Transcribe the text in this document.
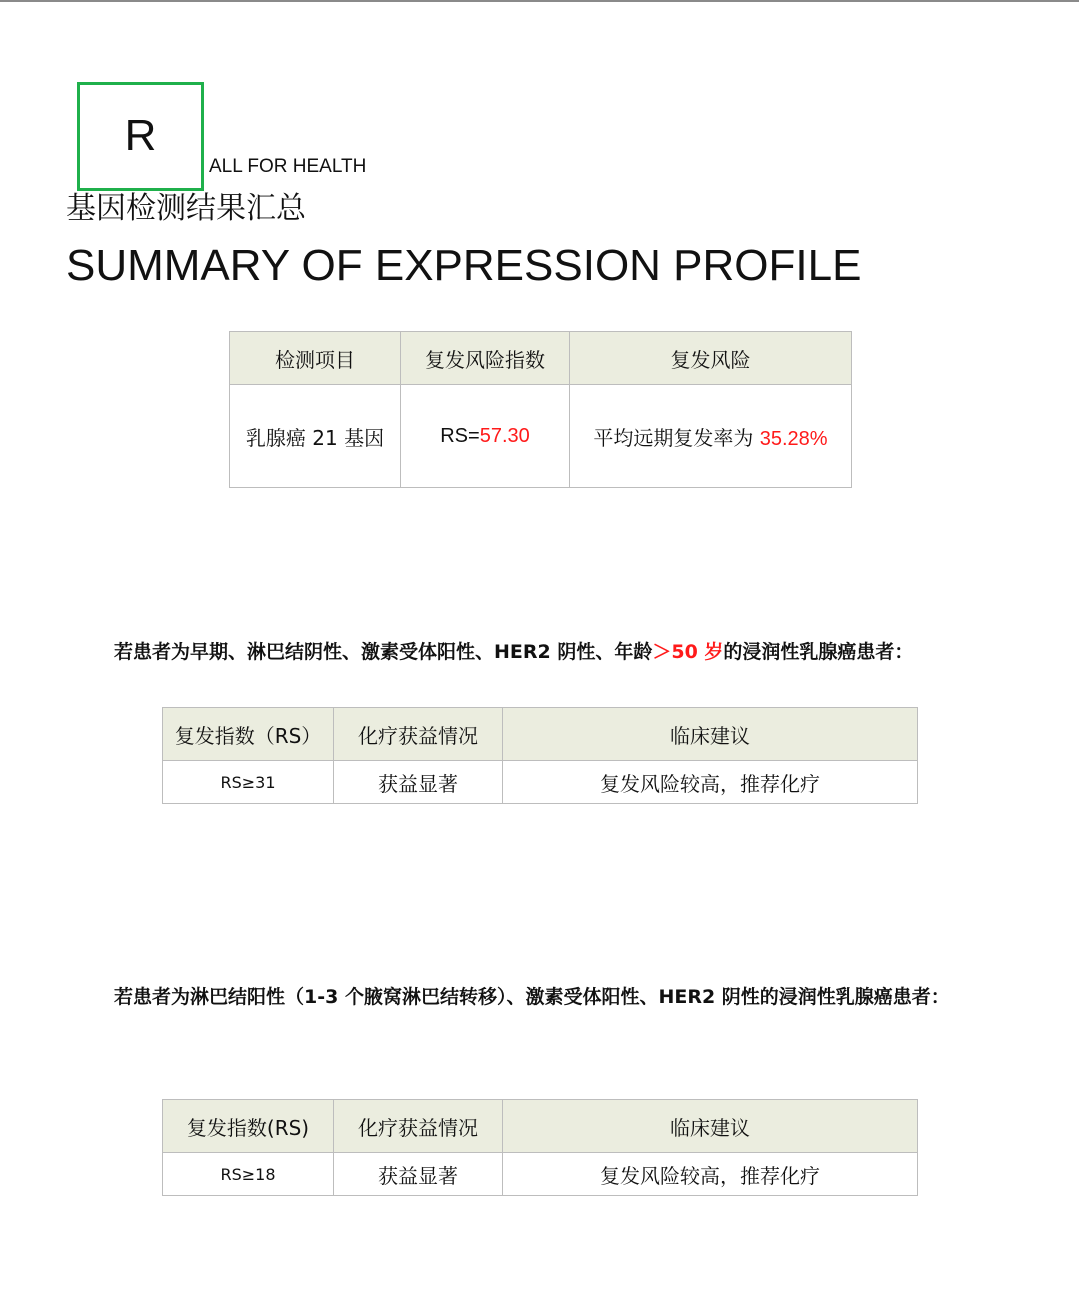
R
ALL FOR HEALTH
基因检测结果汇总
SUMMARY OF EXPRESSION PROFILE
检测项目	复发风险指数	复发风险
乳腺癌 21 基因	RS=57.30	平均远期复发率为 35.28%
若患者为早期、淋巴结阴性、激素受体阳性、HER2 阴性、年龄＞50 岁的浸润性乳腺癌患者：
复发指数（RS）	化疗获益情况	临床建议
RS≥31	获益显著	复发风险较高，推荐化疗
若患者为淋巴结阳性（1-3 个腋窝淋巴结转移）、激素受体阳性、HER2 阴性的浸润性乳腺癌患者：
复发指数(RS)	化疗获益情况	临床建议
RS≥18	获益显著	复发风险较高，推荐化疗
